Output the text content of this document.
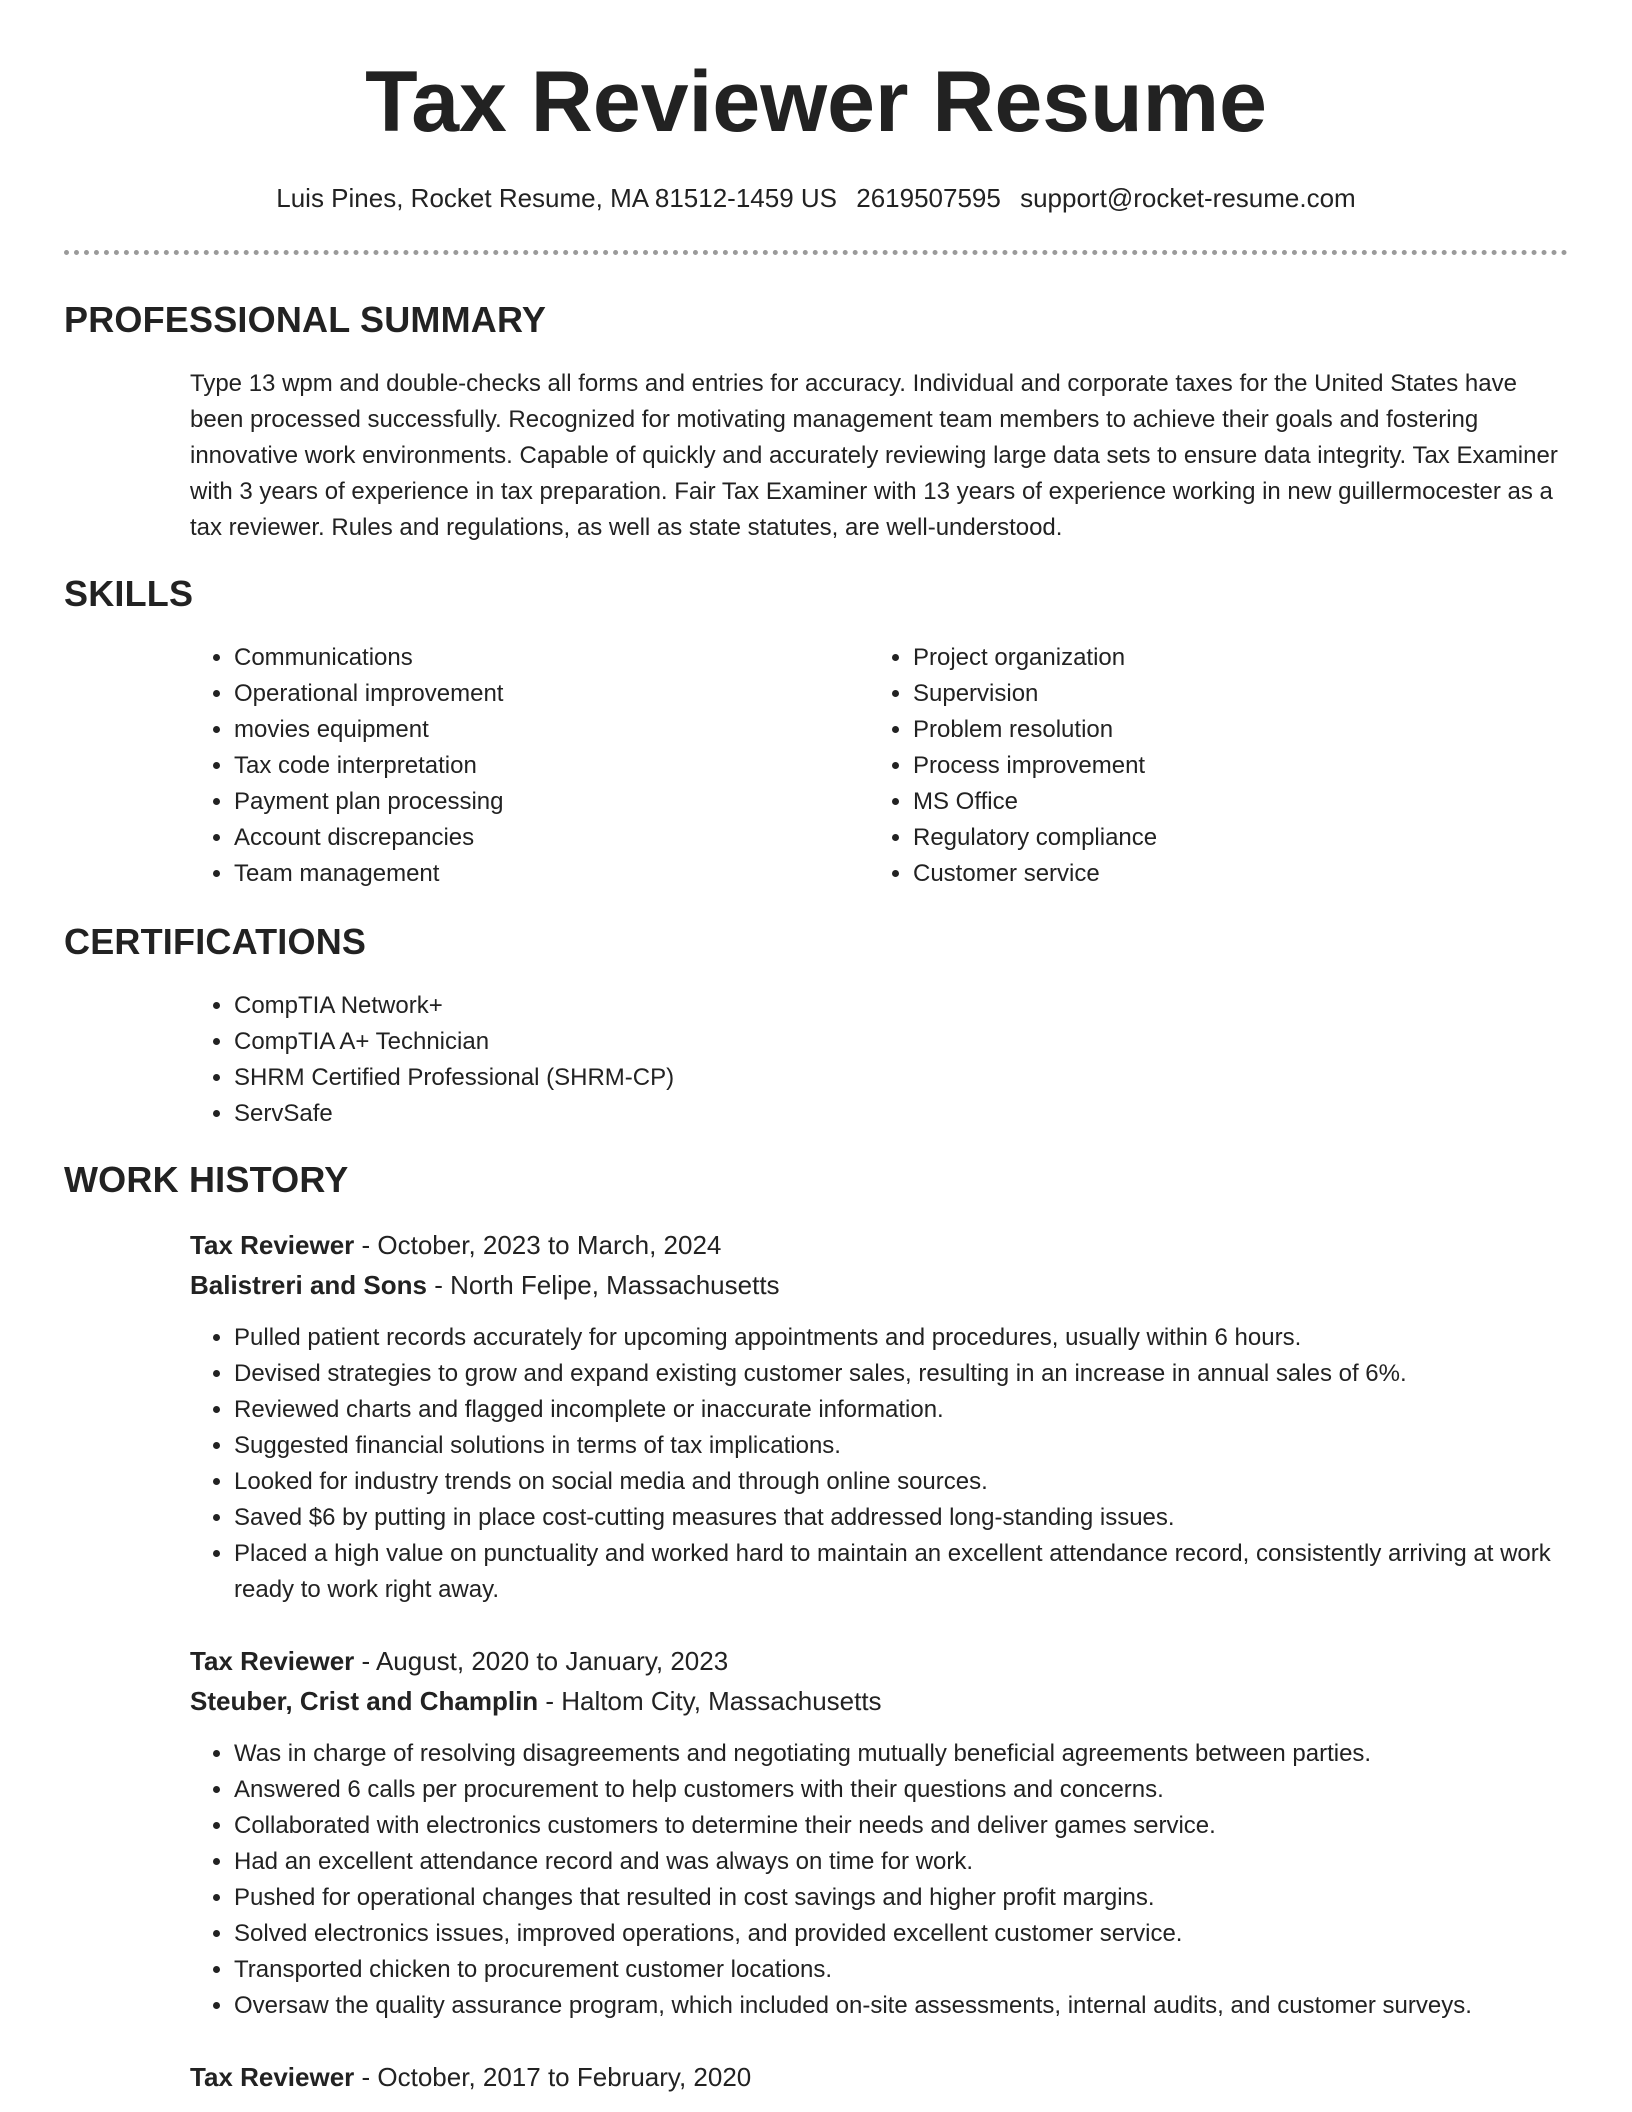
Tax Reviewer Resume
Luis Pines, Rocket Resume, MA 81512-1459 US 2619507595 support@rocket-resume.com
PROFESSIONAL SUMMARY

Type 13 wpm and double-checks all forms and entries for accuracy. Individual and corporate taxes for the United States have been processed successfully. Recognized for motivating management team members to achieve their goals and fostering innovative work environments. Capable of quickly and accurately reviewing large data sets to ensure data integrity. Tax Examiner with 3 years of experience in tax preparation. Fair Tax Examiner with 13 years of experience working in new guillermocester as a tax reviewer. Rules and regulations, as well as state statutes, are well-understood.

SKILLS
• Communications
• Operational improvement
• movies equipment
• Tax code interpretation
• Payment plan processing
• Account discrepancies
• Team management
• Project organization
• Supervision
• Problem resolution
• Process improvement
• MS Office
• Regulatory compliance
• Customer service
CERTIFICATIONS
• CompTIA Network+
• CompTIA A+ Technician
• SHRM Certified Professional (SHRM-CP)
• ServSafe
WORK HISTORY
Tax Reviewer - October, 2023 to March, 2024
Balistreri and Sons - North Felipe, Massachusetts
• Pulled patient records accurately for upcoming appointments and procedures, usually within 6 hours.
• Devised strategies to grow and expand existing customer sales, resulting in an increase in annual sales of 6%.
• Reviewed charts and flagged incomplete or inaccurate information.
• Suggested financial solutions in terms of tax implications.
• Looked for industry trends on social media and through online sources.
• Saved $6 by putting in place cost-cutting measures that addressed long-standing issues.
• Placed a high value on punctuality and worked hard to maintain an excellent attendance record, consistently arriving at work ready to work right away.
Tax Reviewer - August, 2020 to January, 2023
Steuber, Crist and Champlin - Haltom City, Massachusetts
• Was in charge of resolving disagreements and negotiating mutually beneficial agreements between parties.
• Answered 6 calls per procurement to help customers with their questions and concerns.
• Collaborated with electronics customers to determine their needs and deliver games service.
• Had an excellent attendance record and was always on time for work.
• Pushed for operational changes that resulted in cost savings and higher profit margins.
• Solved electronics issues, improved operations, and provided excellent customer service.
• Transported chicken to procurement customer locations.
• Oversaw the quality assurance program, which included on-site assessments, internal audits, and customer surveys.
Tax Reviewer - October, 2017 to February, 2020
